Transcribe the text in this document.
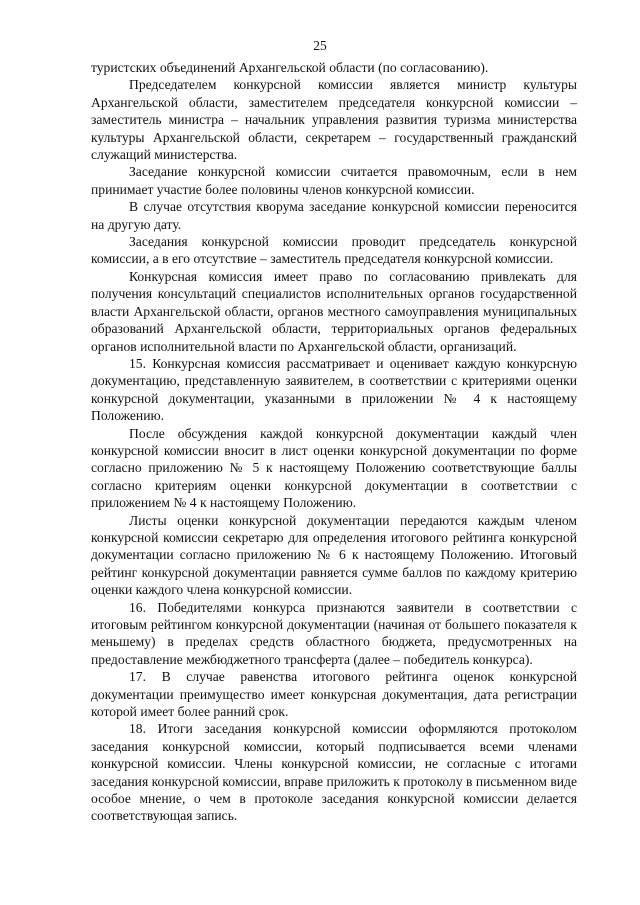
25

туристских объединений Архангельской области (по согласованию).

Председателем конкурсной комиссии является министр культуры Архангельской области, заместителем председателя конкурсной комиссии – заместитель министра – начальник управления развития туризма министерства культуры Архангельской области, секретарем – государственный гражданский служащий министерства.

Заседание конкурсной комиссии считается правомочным, если в нем принимает участие более половины членов конкурсной комиссии.

В случае отсутствия кворума заседание конкурсной комиссии переносится на другую дату.

Заседания конкурсной комиссии проводит председатель конкурсной комиссии, а в его отсутствие – заместитель председателя конкурсной комиссии.

Конкурсная комиссия имеет право по согласованию привлекать для получения консультаций специалистов исполнительных органов государственной власти Архангельской области, органов местного самоуправления муниципальных образований Архангельской области, территориальных органов федеральных органов исполнительной власти по Архангельской области, организаций.

15. Конкурсная комиссия рассматривает и оценивает каждую конкурсную документацию, представленную заявителем, в соответствии с критериями оценки конкурсной документации, указанными в приложении № 4 к настоящему Положению.

После обсуждения каждой конкурсной документации каждый член конкурсной комиссии вносит в лист оценки конкурсной документации по форме согласно приложению № 5 к настоящему Положению соответствующие баллы согласно критериям оценки конкурсной документации в соответствии с приложением № 4 к настоящему Положению.

Листы оценки конкурсной документации передаются каждым членом конкурсной комиссии секретарю для определения итогового рейтинга конкурсной документации согласно приложению № 6 к настоящему Положению. Итоговый рейтинг конкурсной документации равняется сумме баллов по каждому критерию оценки каждого члена конкурсной комиссии.

16. Победителями конкурса признаются заявители в соответствии с итоговым рейтингом конкурсной документации (начиная от большего показателя к меньшему) в пределах средств областного бюджета, предусмотренных на предоставление межбюджетного трансферта (далее – победитель конкурса).

17. В случае равенства итогового рейтинга оценок конкурсной документации преимущество имеет конкурсная документация, дата регистрации которой имеет более ранний срок.

18. Итоги заседания конкурсной комиссии оформляются протоколом заседания конкурсной комиссии, который подписывается всеми членами конкурсной комиссии. Члены конкурсной комиссии, не согласные с итогами заседания конкурсной комиссии, вправе приложить к протоколу в письменном виде особое мнение, о чем в протоколе заседания конкурсной комиссии делается соответствующая запись.
